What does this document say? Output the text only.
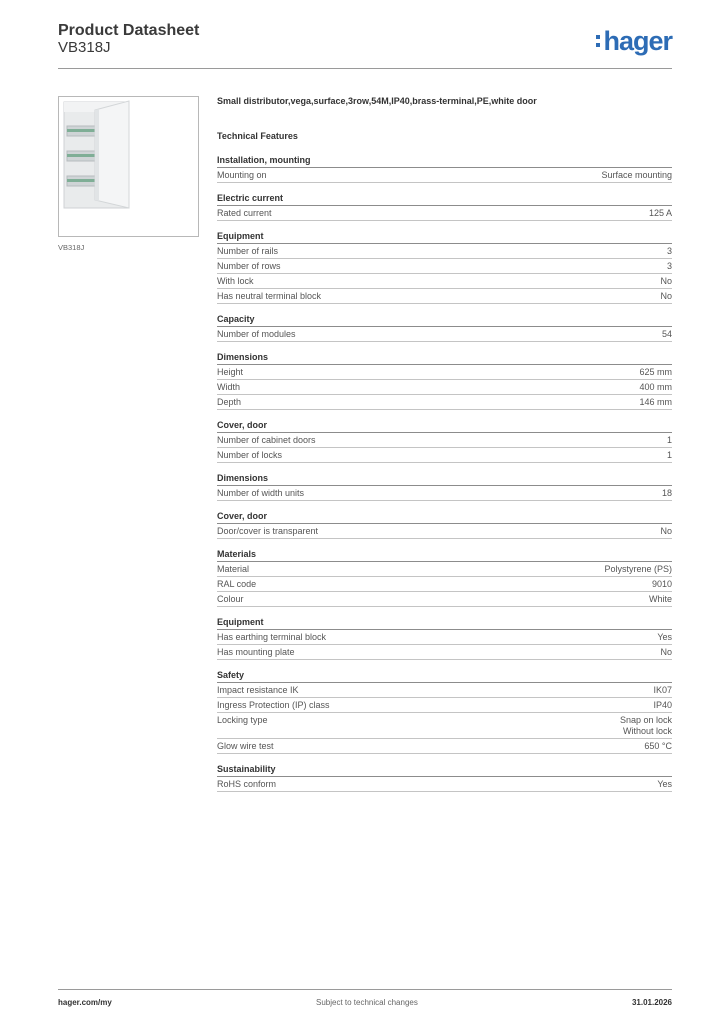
Product Datasheet
VB318J	hager
VB318J
Small distributor,vega,surface,3row,54M,IP40,brass-terminal,PE,white door
Technical Features
Installation, mounting
Mounting on	Surface mounting
Electric current
Rated current	125 A
Equipment
Number of rails	3
Number of rows	3
With lock	No
Has neutral terminal block	No
Capacity
Number of modules	54
Dimensions
Height	625 mm
Width	400 mm
Depth	146 mm
Cover, door
Number of cabinet doors	1
Number of locks	1
Dimensions
Number of width units	18
Cover, door
Door/cover is transparent	No
Materials
Material	Polystyrene (PS)
RAL code	9010
Colour	White
Equipment
Has earthing terminal block	Yes
Has mounting plate	No
Safety
Impact resistance IK	IK07
Ingress Protection (IP) class	IP40
Locking type	Snap on lock
Without lock
Glow wire test	650 °C
Sustainability
RoHS conform	Yes
hager.com/my	Subject to technical changes	31.01.2026
